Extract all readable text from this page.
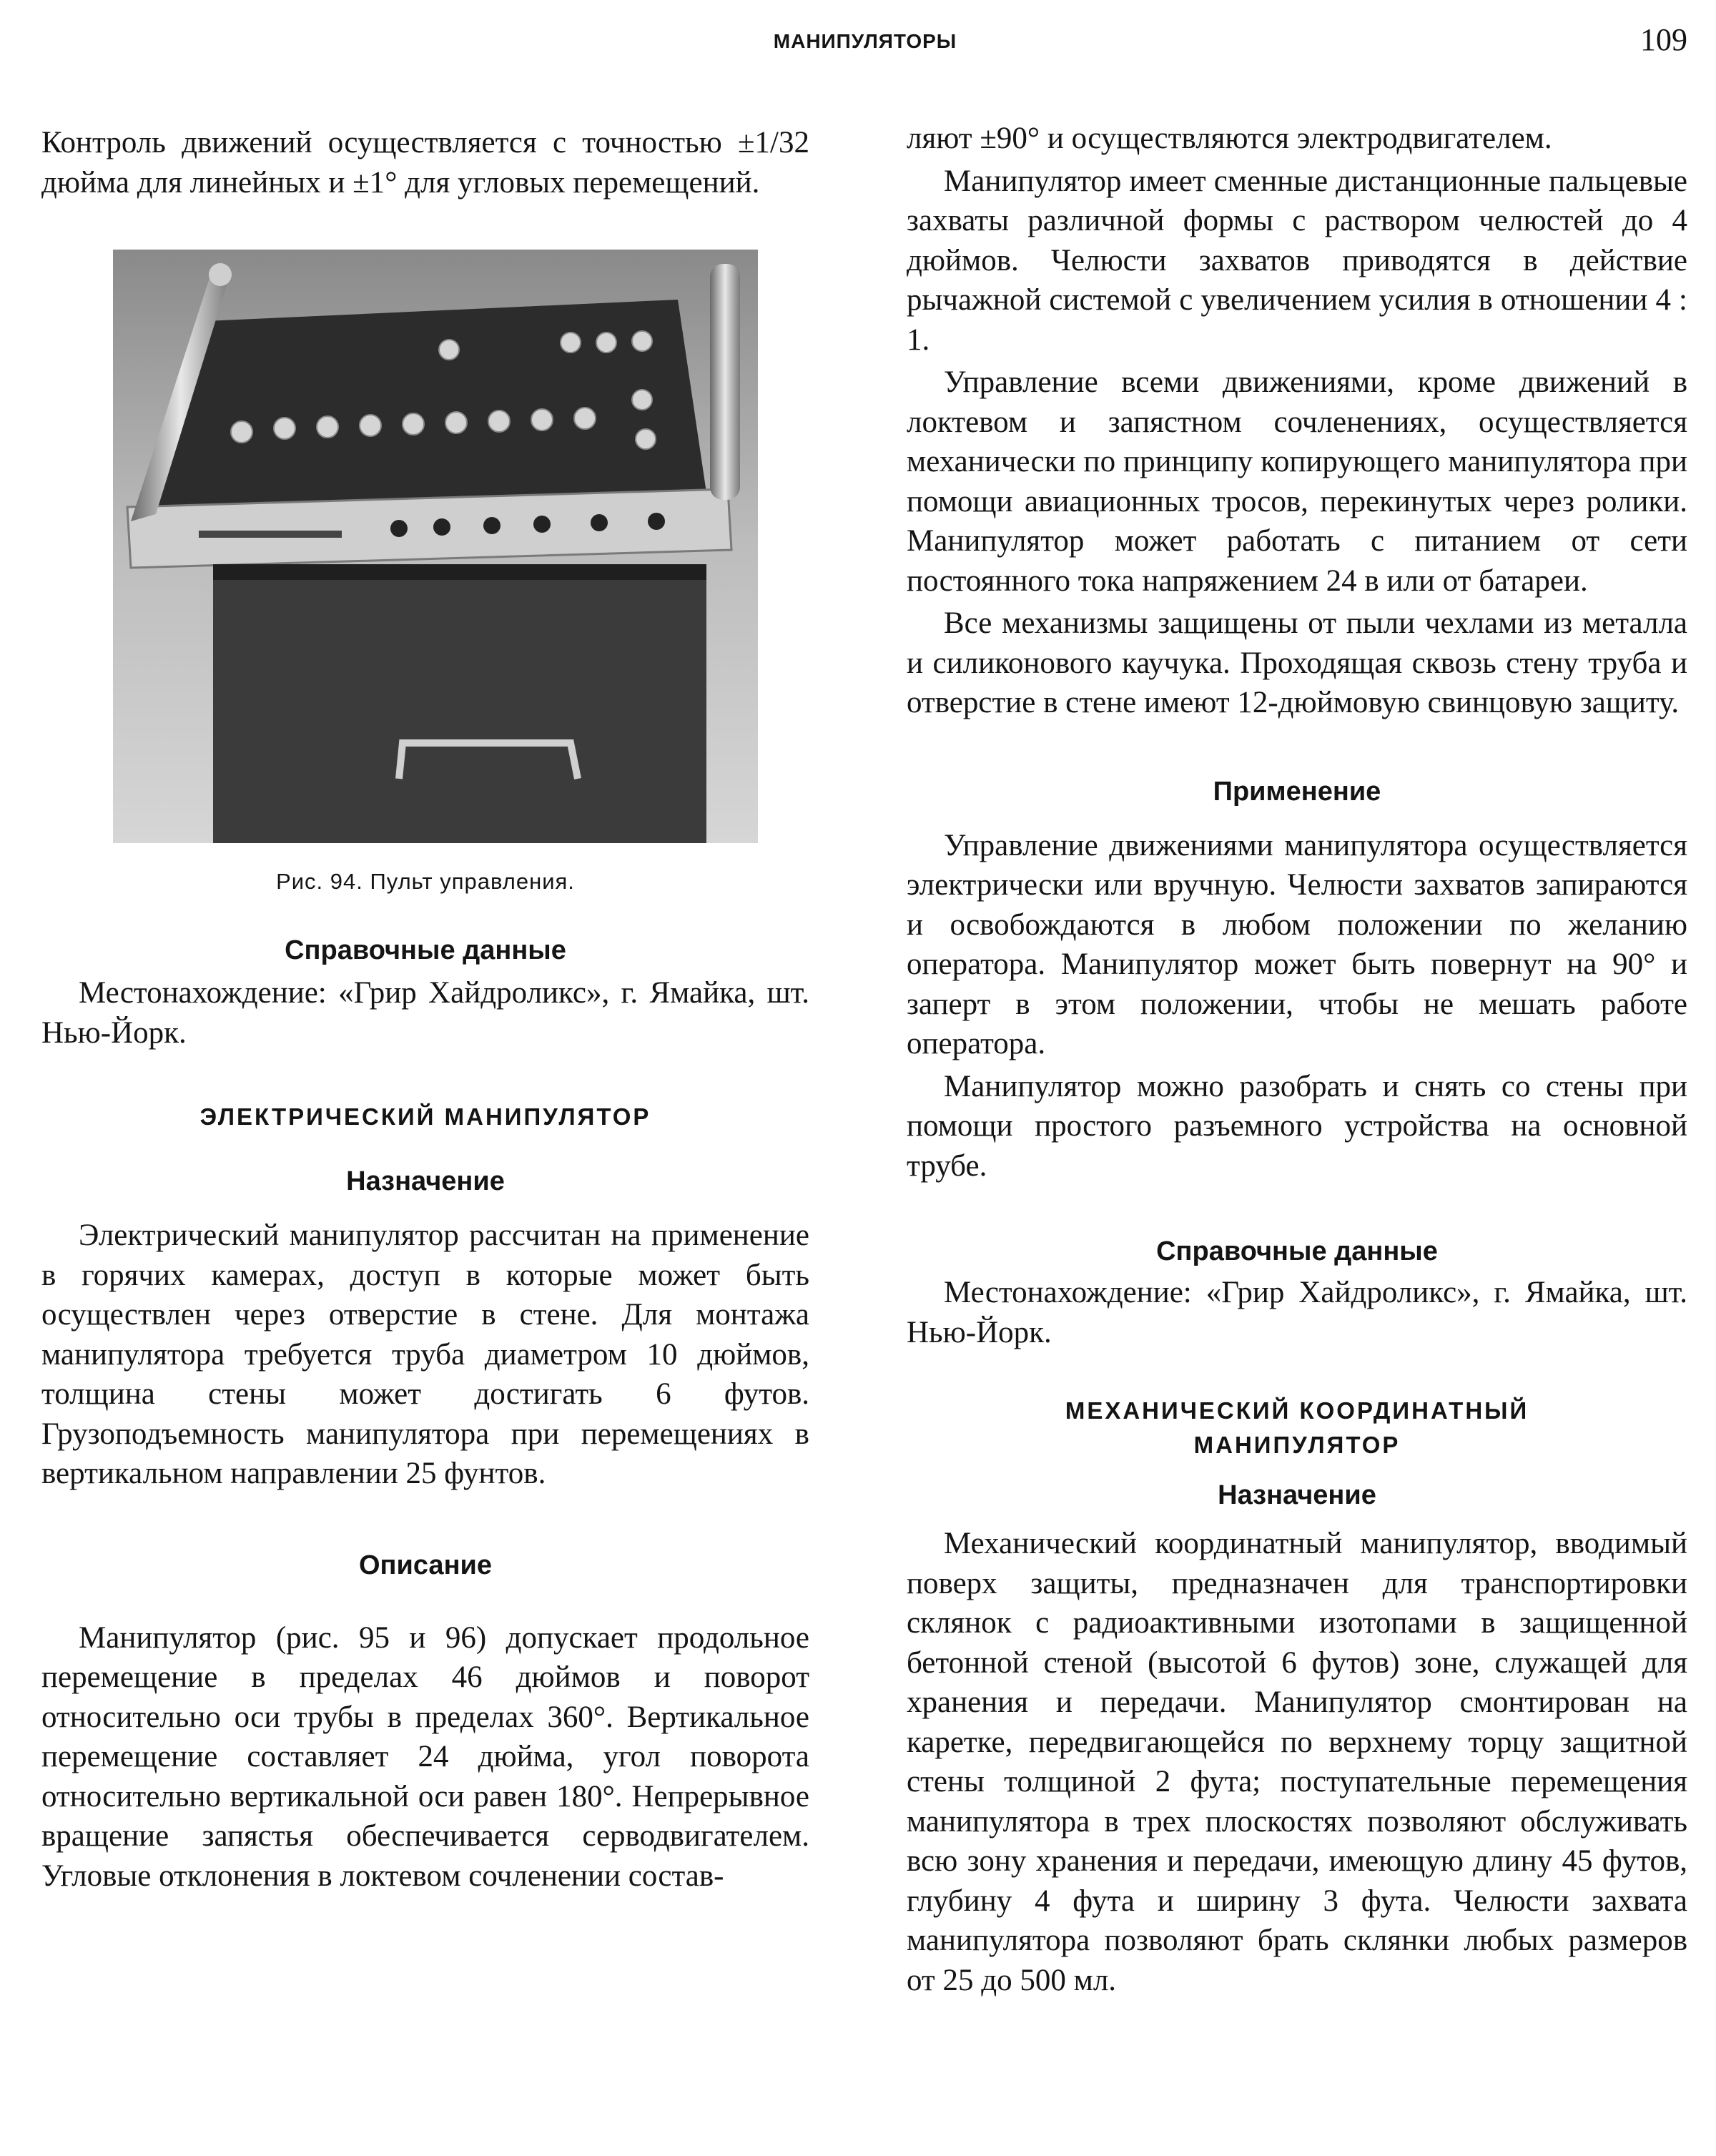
МАНИПУЛЯТОРЫ	109

Контроль движений осуществляется с точностью ±1/32 дюйма для линейных и ±1° для угловых перемещений.

Рис. 94. Пульт управления.
Справочные данные

Местонахождение: «Грир Хайдроликс», г. Ямайка, шт. Нью-Йорк.

ЭЛЕКТРИЧЕСКИЙ МАНИПУЛЯТОР
Назначение

Электрический манипулятор рассчитан на применение в горячих камерах, доступ в которые может быть осуществлен через отверстие в стене. Для монтажа манипулятора требуется труба диаметром 10 дюймов, толщина стены может достигать 6 футов. Грузоподъемность манипулятора при перемещениях в вертикальном направлении 25 фунтов.

Описание

Манипулятор (рис. 95 и 96) допускает продольное перемещение в пределах 46 дюймов и поворот относительно оси трубы в пределах 360°. Вертикальное перемещение составляет 24 дюйма, угол поворота относительно вертикальной оси равен 180°. Непрерывное вращение запястья обеспечивается серводвигателем. Угловые отклонения в локтевом сочленении состав-

ляют ±90° и осуществляются электродвигателем.

Манипулятор имеет сменные дистанционные пальцевые захваты различной формы с раствором челюстей до 4 дюймов. Челюсти захватов приводятся в действие рычажной системой с увеличением усилия в отношении 4 : 1.

Управление всеми движениями, кроме движений в локтевом и запястном сочленениях, осуществляется механически по принципу копирующего манипулятора при помощи авиационных тросов, перекинутых через ролики. Манипулятор может работать с питанием от сети постоянного тока напряжением 24 в или от батареи.

Все механизмы защищены от пыли чехлами из металла и силиконового каучука. Проходящая сквозь стену труба и отверстие в стене имеют 12-дюймовую свинцовую защиту.

Применение

Управление движениями манипулятора осуществляется электрически или вручную. Челюсти захватов запираются и освобождаются в любом положении по желанию оператора. Манипулятор может быть повернут на 90° и заперт в этом положении, чтобы не мешать работе оператора.

Манипулятор можно разобрать и снять со стены при помощи простого разъемного устройства на основной трубе.

Справочные данные

Местонахождение: «Грир Хайдроликс», г. Ямайка, шт. Нью-Йорк.

МЕХАНИЧЕСКИЙ КООРДИНАТНЫЙ МАНИПУЛЯТОР
Назначение

Механический координатный манипулятор, вводимый поверх защиты, предназначен для транспортировки склянок с радиоактивными изотопами в защищенной бетонной стеной (высотой 6 футов) зоне, служащей для хранения и передачи. Манипулятор смонтирован на каретке, передвигающейся по верхнему торцу защитной стены толщиной 2 фута; поступательные перемещения манипулятора в трех плоскостях позволяют обслуживать всю зону хранения и передачи, имеющую длину 45 футов, глубину 4 фута и ширину 3 фута. Челюсти захвата манипулятора позволяют брать склянки любых размеров от 25 до 500 мл.
